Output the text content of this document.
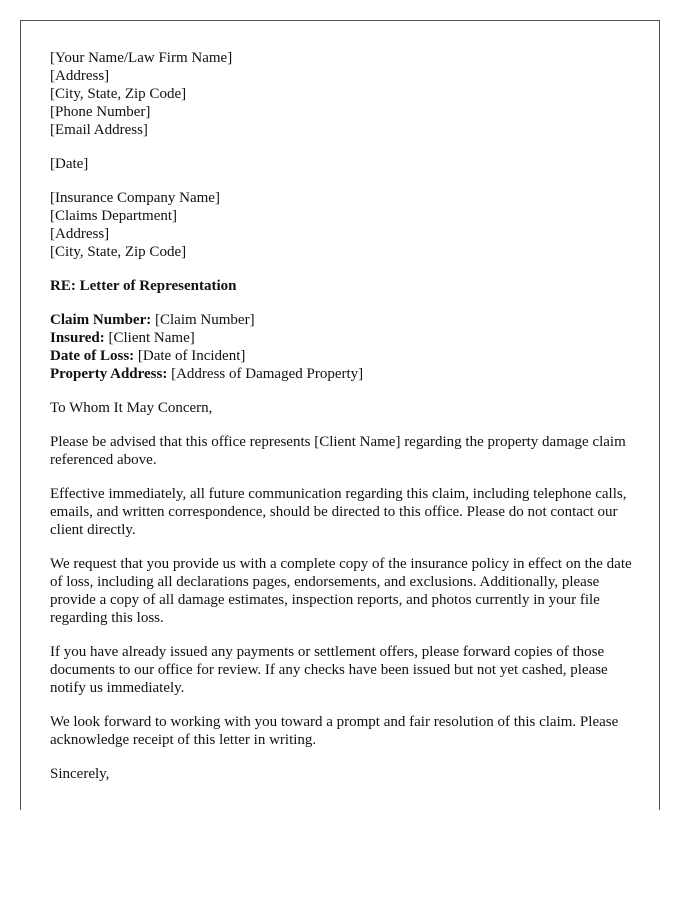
[Your Name/Law Firm Name]
[Address]
[City, State, Zip Code]
[Phone Number]
[Email Address]
[Date]
[Insurance Company Name]
[Claims Department]
[Address]
[City, State, Zip Code]
RE: Letter of Representation
Claim Number: [Claim Number]
Insured: [Client Name]
Date of Loss: [Date of Incident]
Property Address: [Address of Damaged Property]

To Whom It May Concern,

Please be advised that this office represents [Client Name] regarding the property damage claim referenced above.

Effective immediately, all future communication regarding this claim, including telephone calls, emails, and written correspondence, should be directed to this office. Please do not contact our client directly.

We request that you provide us with a complete copy of the insurance policy in effect on the date of loss, including all declarations pages, endorsements, and exclusions. Additionally, please provide a copy of all damage estimates, inspection reports, and photos currently in your file regarding this loss.

If you have already issued any payments or settlement offers, please forward copies of those documents to our office for review. If any checks have been issued but not yet cashed, please notify us immediately.

We look forward to working with you toward a prompt and fair resolution of this claim. Please acknowledge receipt of this letter in writing.

Sincerely,
